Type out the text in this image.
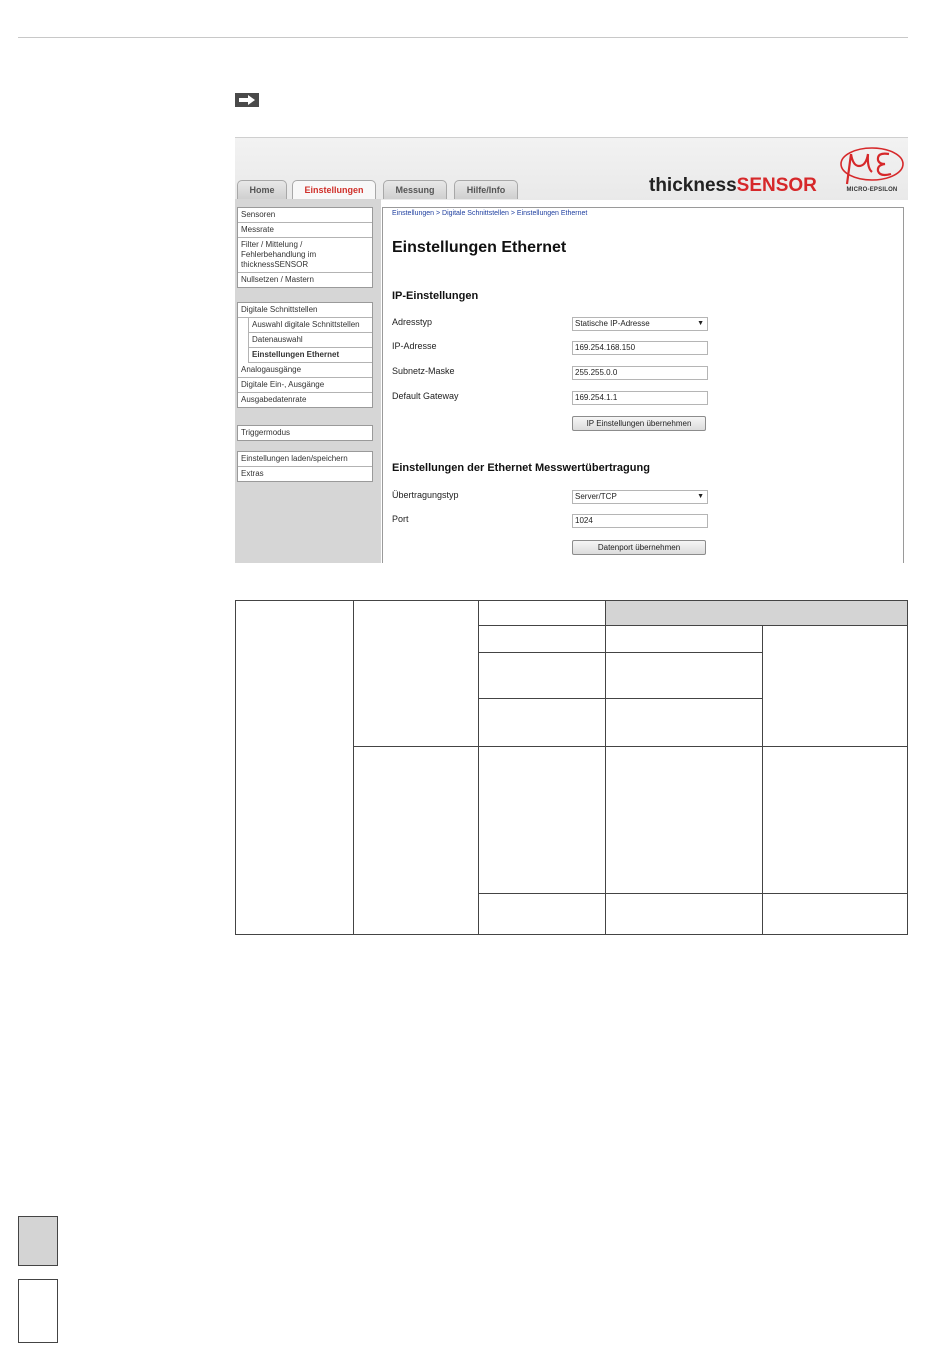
Home	Einstellungen	Messung	Hilfe/Info	thicknessSENSOR	MICRO-EPSILON
Sensoren
Messrate
Filter / Mittelung / Fehlerbehandlung im thicknessSENSOR
Nullsetzen / Mastern
Digitale Schnittstellen
Auswahl digitale Schnittstellen
Datenauswahl
Einstellungen Ethernet
Analogausgänge
Digitale Ein-, Ausgänge
Ausgabedatenrate
Triggermodus
Einstellungen laden/speichern
Extras
Einstellungen > Digitale Schnittstellen > Einstellungen Ethernet
Einstellungen Ethernet
IP-Einstellungen
Adresstyp	Statische IP-Adresse	▼
IP-Adresse	169.254.168.150
Subnetz-Maske	255.255.0.0
Default Gateway	169.254.1.1
IP Einstellungen übernehmen
Einstellungen der Ethernet Messwertübertragung
Übertragungstyp	Server/TCP	▼
Port	1024
Datenport übernehmen
